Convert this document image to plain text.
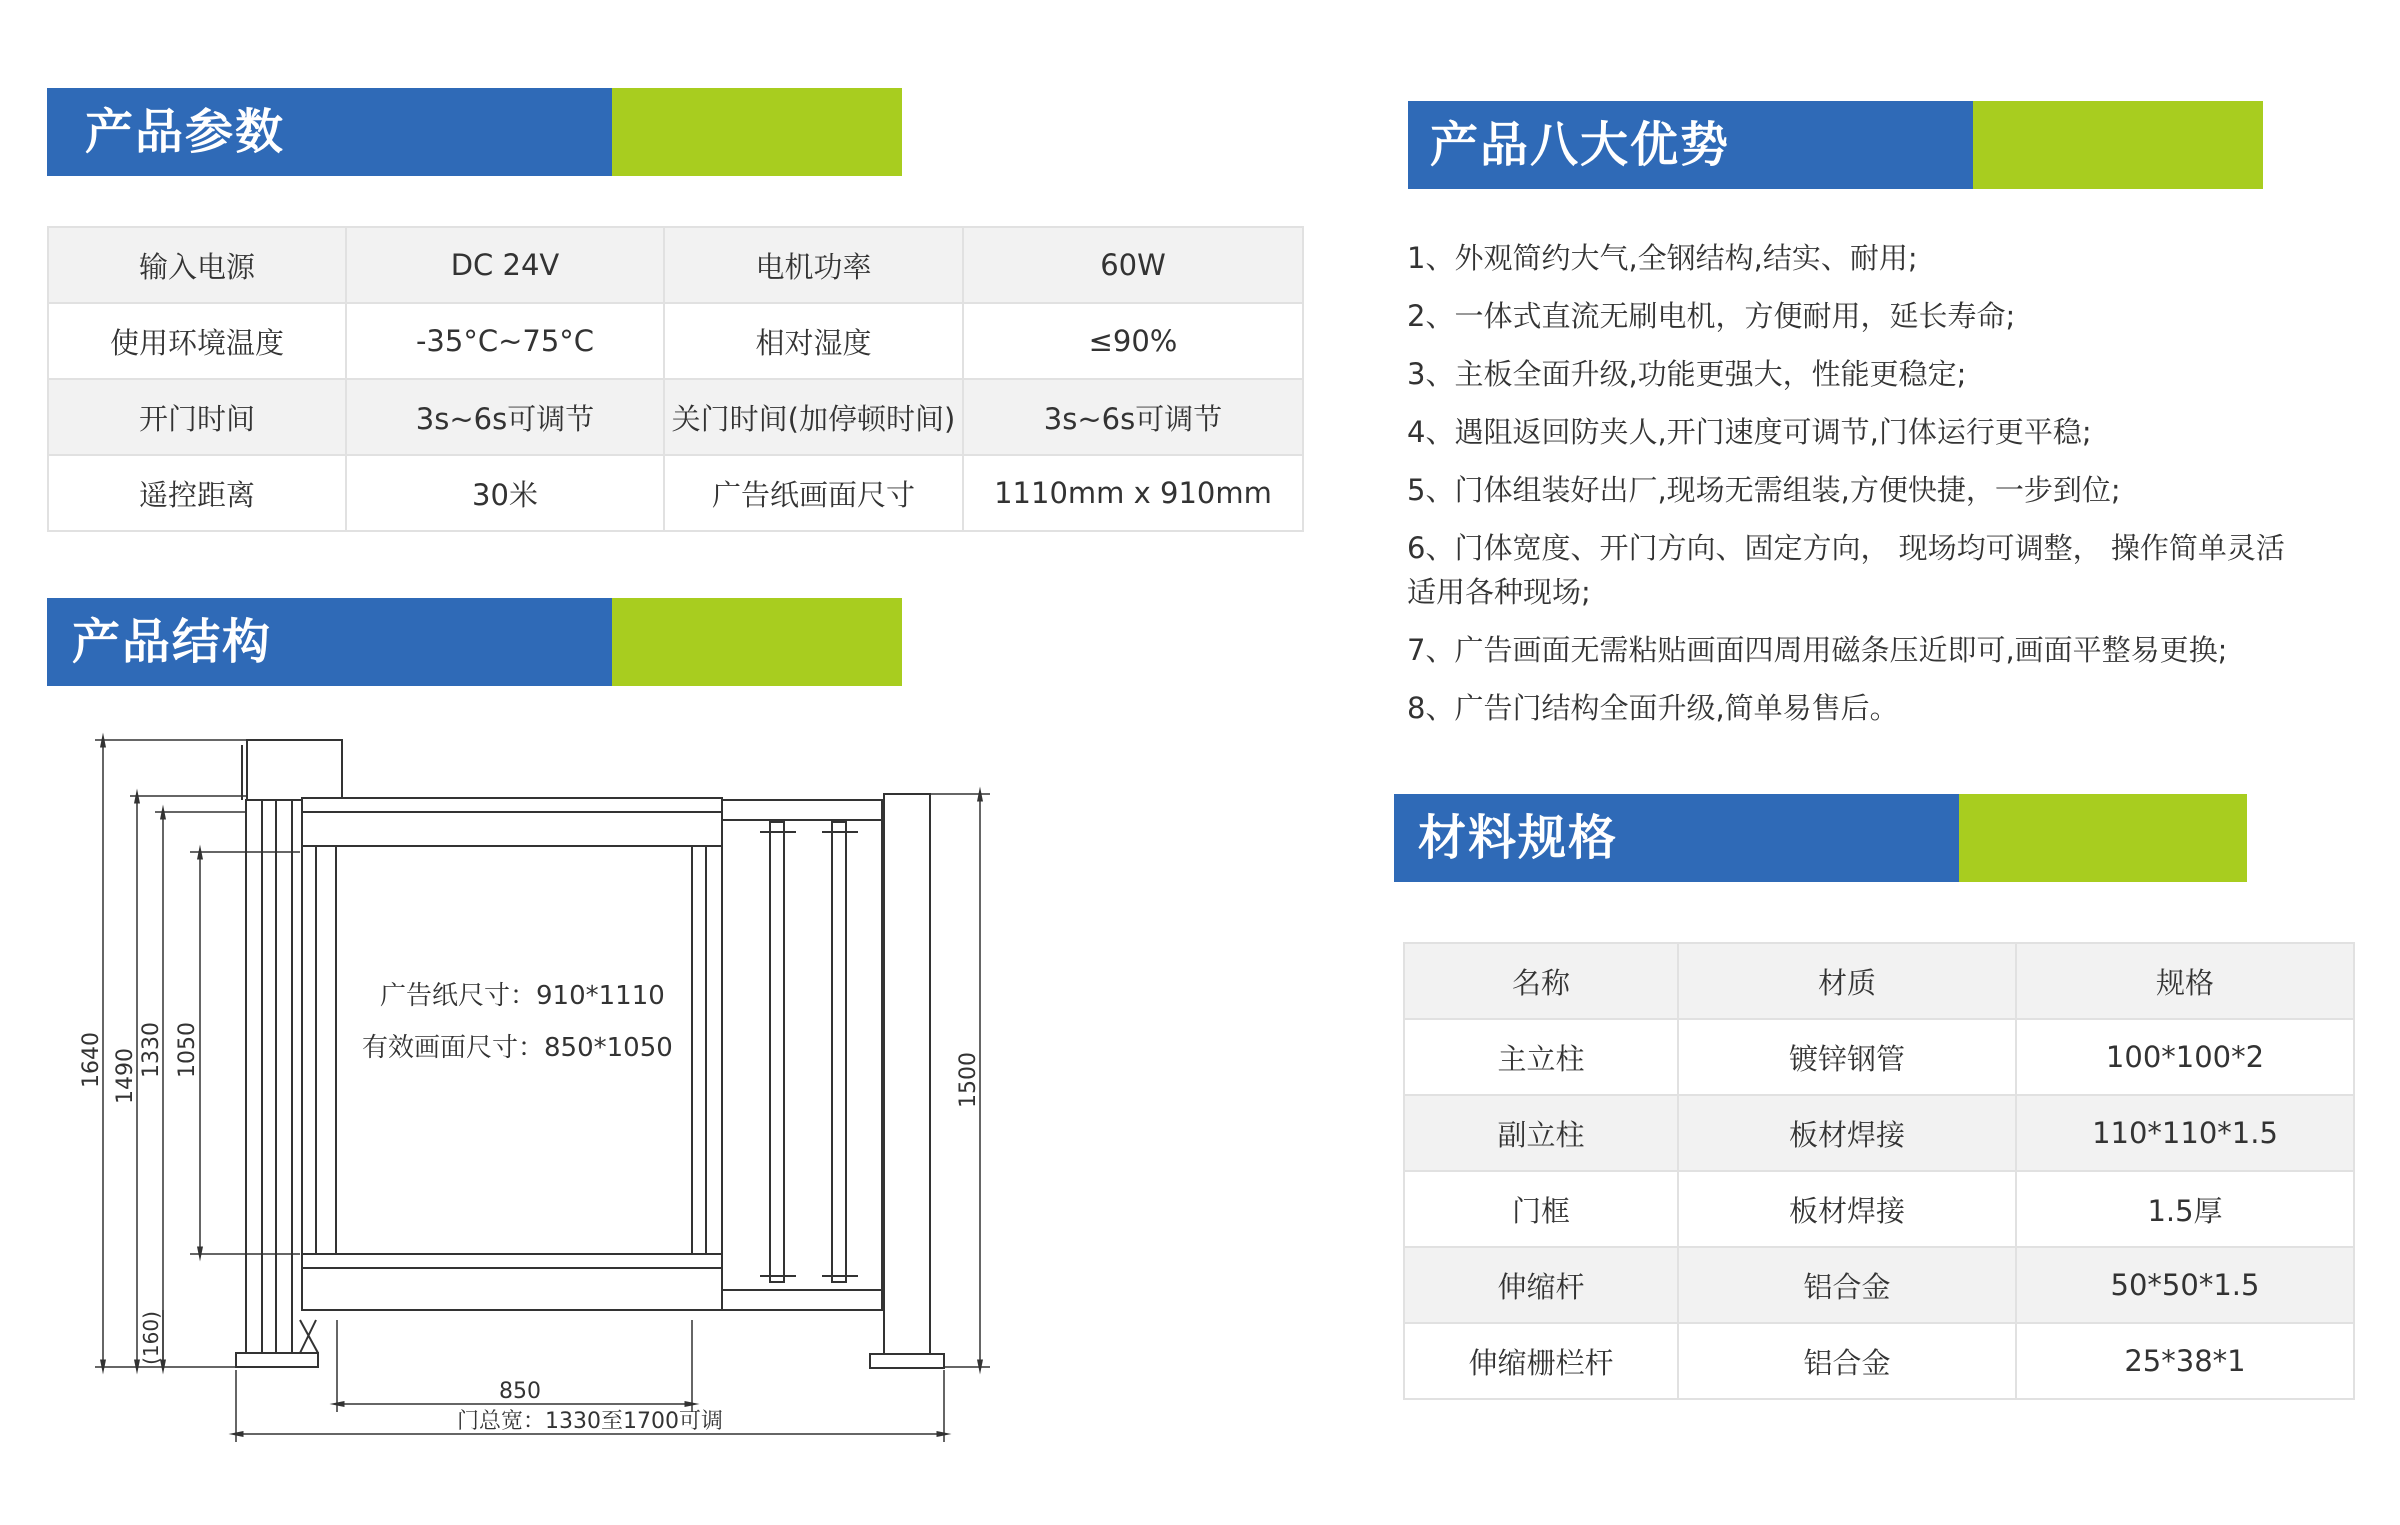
产品参数
输入电源	DC 24V	电机功率	60W
使用环境温度	-35°C~75°C	相对湿度	≤90%
开门时间	3s~6s可调节	关门时间(加停顿时间)	3s~6s可调节
遥控距离	30米	广告纸画面尺寸	1110mm x 910mm
产品结构
广告纸尺寸：910*1110
有效画面尺寸：850*1050
1640 1490 1330 1050
(160)
1500
850
门总宽：1330至1700可调
产品八大优势
1、外观简约大气,全钢结构,结实、耐用;
2、一体式直流无刷电机，方便耐用，延长寿命;
3、主板全面升级,功能更强大，性能更稳定;
4、遇阻返回防夹人,开门速度可调节,门体运行更平稳;
5、门体组装好出厂,现场无需组装,方便快捷，一步到位;
6、门体宽度、开门方向、固定方向， 现场均可调整， 操作简单灵活适用各种现场;
7、广告画面无需粘贴画面四周用磁条压近即可,画面平整易更换;
8、广告门结构全面升级,简单易售后。
材料规格
名称	材质	规格
主立柱	镀锌钢管	100*100*2
副立柱	板材焊接	110*110*1.5
门框	板材焊接	1.5厚
伸缩杆	铝合金	50*50*1.5
伸缩栅栏杆	铝合金	25*38*1
